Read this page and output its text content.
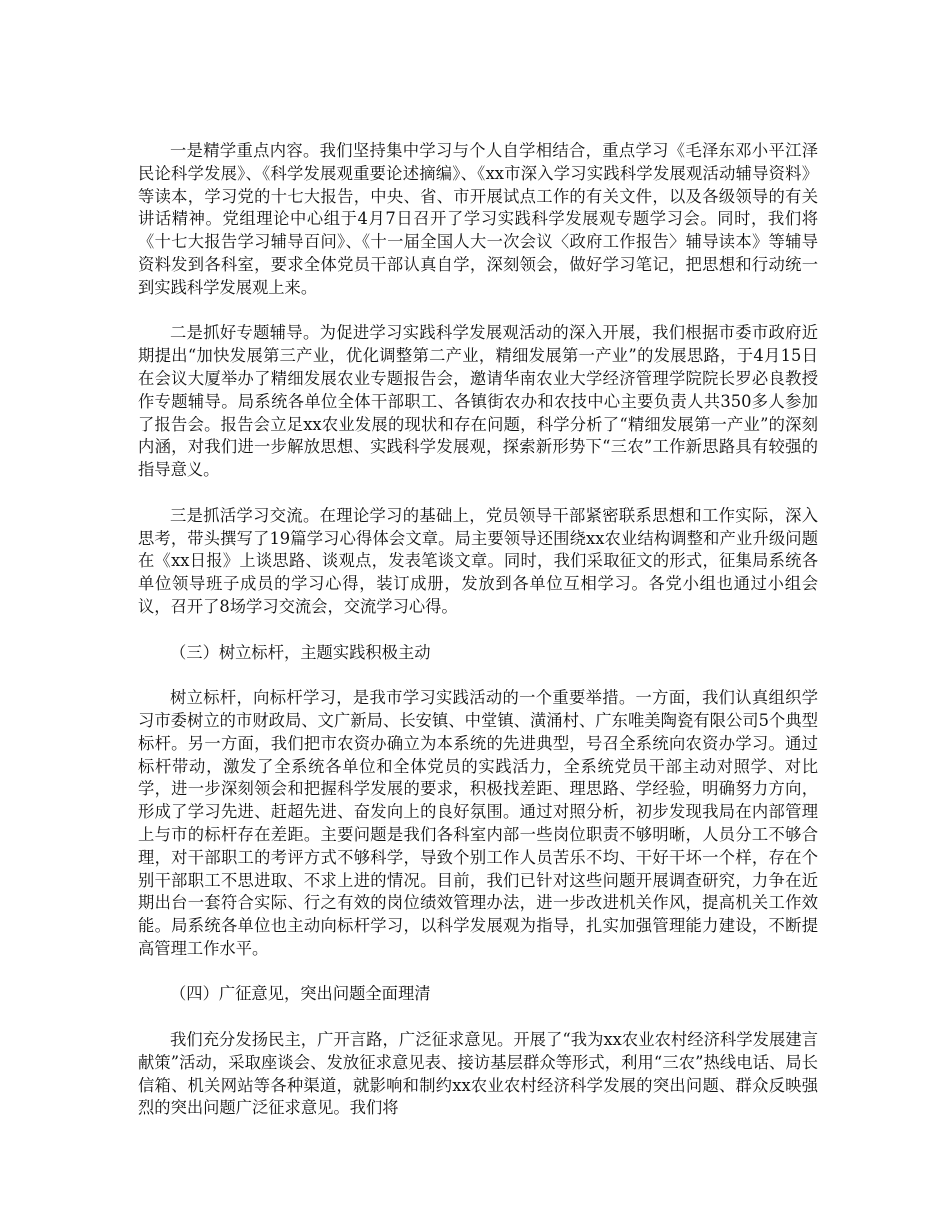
一是精学重点内容。我们坚持集中学习与个人自学相结合，重点学习《毛泽东邓小平江泽民论科学发展》、《科学发展观重要论述摘编》、《xx市深入学习实践科学发展观活动辅导资料》等读本，学习党的十七大报告，中央、省、市开展试点工作的有关文件，以及各级领导的有关讲话精神。党组理论中心组于4月7日召开了学习实践科学发展观专题学习会。同时，我们将《十七大报告学习辅导百问》、《十一届全国人大一次会议〈政府工作报告〉辅导读本》等辅导资料发到各科室，要求全体党员干部认真自学，深刻领会，做好学习笔记，把思想和行动统一到实践科学发展观上来。

二是抓好专题辅导。为促进学习实践科学发展观活动的深入开展，我们根据市委市政府近期提出“加快发展第三产业，优化调整第二产业，精细发展第一产业”的发展思路，于4月15日在会议大厦举办了精细发展农业专题报告会，邀请华南农业大学经济管理学院院长罗必良教授作专题辅导。局系统各单位全体干部职工、各镇街农办和农技中心主要负责人共350多人参加了报告会。报告会立足xx农业发展的现状和存在问题，科学分析了“精细发展第一产业”的深刻内涵，对我们进一步解放思想、实践科学发展观，探索新形势下“三农”工作新思路具有较强的指导意义。

三是抓活学习交流。在理论学习的基础上，党员领导干部紧密联系思想和工作实际，深入思考，带头撰写了19篇学习心得体会文章。局主要领导还围绕xx农业结构调整和产业升级问题在《xx日报》上谈思路、谈观点，发表笔谈文章。同时，我们采取征文的形式，征集局系统各单位领导班子成员的学习心得，装订成册，发放到各单位互相学习。各党小组也通过小组会议，召开了8场学习交流会，交流学习心得。

（三）树立标杆，主题实践积极主动

树立标杆，向标杆学习，是我市学习实践活动的一个重要举措。一方面，我们认真组织学习市委树立的市财政局、文广新局、长安镇、中堂镇、潢涌村、广东唯美陶瓷有限公司5个典型标杆。另一方面，我们把市农资办确立为本系统的先进典型，号召全系统向农资办学习。通过标杆带动，激发了全系统各单位和全体党员的实践活力，全系统党员干部主动对照学、对比学，进一步深刻领会和把握科学发展的要求，积极找差距、理思路、学经验，明确努力方向，形成了学习先进、赶超先进、奋发向上的良好氛围。通过对照分析，初步发现我局在内部管理上与市的标杆存在差距。主要问题是我们各科室内部一些岗位职责不够明晰，人员分工不够合理，对干部职工的考评方式不够科学，导致个别工作人员苦乐不均、干好干坏一个样，存在个别干部职工不思进取、不求上进的情况。目前，我们已针对这些问题开展调查研究，力争在近期出台一套符合实际、行之有效的岗位绩效管理办法，进一步改进机关作风，提高机关工作效能。局系统各单位也主动向标杆学习，以科学发展观为指导，扎实加强管理能力建设，不断提高管理工作水平。

（四）广征意见，突出问题全面理清

我们充分发扬民主，广开言路，广泛征求意见。开展了“我为xx农业农村经济科学发展建言献策”活动，采取座谈会、发放征求意见表、接访基层群众等形式，利用“三农”热线电话、局长信箱、机关网站等各种渠道，就影响和制约xx农业农村经济科学发展的突出问题、群众反映强烈的突出问题广泛征求意见。我们将
